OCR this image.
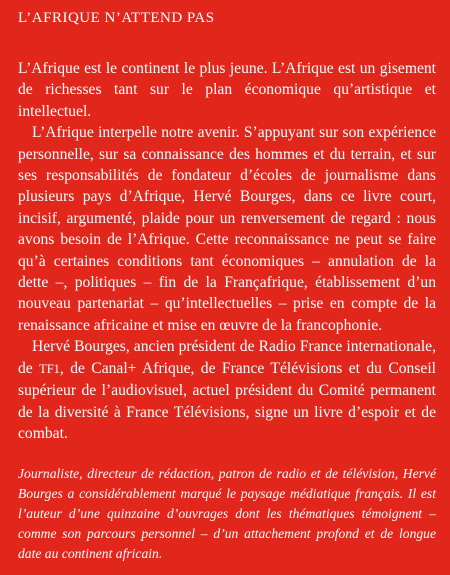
L’AFRIQUE N’ATTEND PAS

L’Afrique est le continent le plus jeune. L’Afrique est un gisement de richesses tant sur le plan économique qu’artistique et intellectuel.

L’Afrique interpelle notre avenir. S’appuyant sur son expérience personnelle, sur sa connaissance des hommes et du terrain, et sur ses responsabilités de fondateur d’écoles de journalisme dans plusieurs pays d’Afrique, Hervé Bourges, dans ce livre court, incisif, argumenté, plaide pour un renversement de regard : nous avons besoin de l’Afrique. Cette reconnaissance ne peut se faire qu’à certaines conditions tant économiques – annulation de la dette –, politiques – fin de la Françafrique, établissement d’un nouveau partenariat – qu’intellectuelles – prise en compte de la renaissance africaine et mise en œuvre de la francophonie.

Hervé Bourges, ancien président de Radio France internationale, de TF1, de Canal+ Afrique, de France Télévisions et du Conseil supérieur de l’audiovisuel, actuel président du Comité permanent de la diversité à France Télévisions, signe un livre d’espoir et de combat.

Journaliste, directeur de rédaction, patron de radio et de télévision, Hervé Bourges a considérablement marqué le paysage médiatique français. Il est l’auteur d’une quinzaine d’ouvrages dont les thématiques témoignent – comme son parcours personnel – d’un attachement profond et de longue date au continent africain.
